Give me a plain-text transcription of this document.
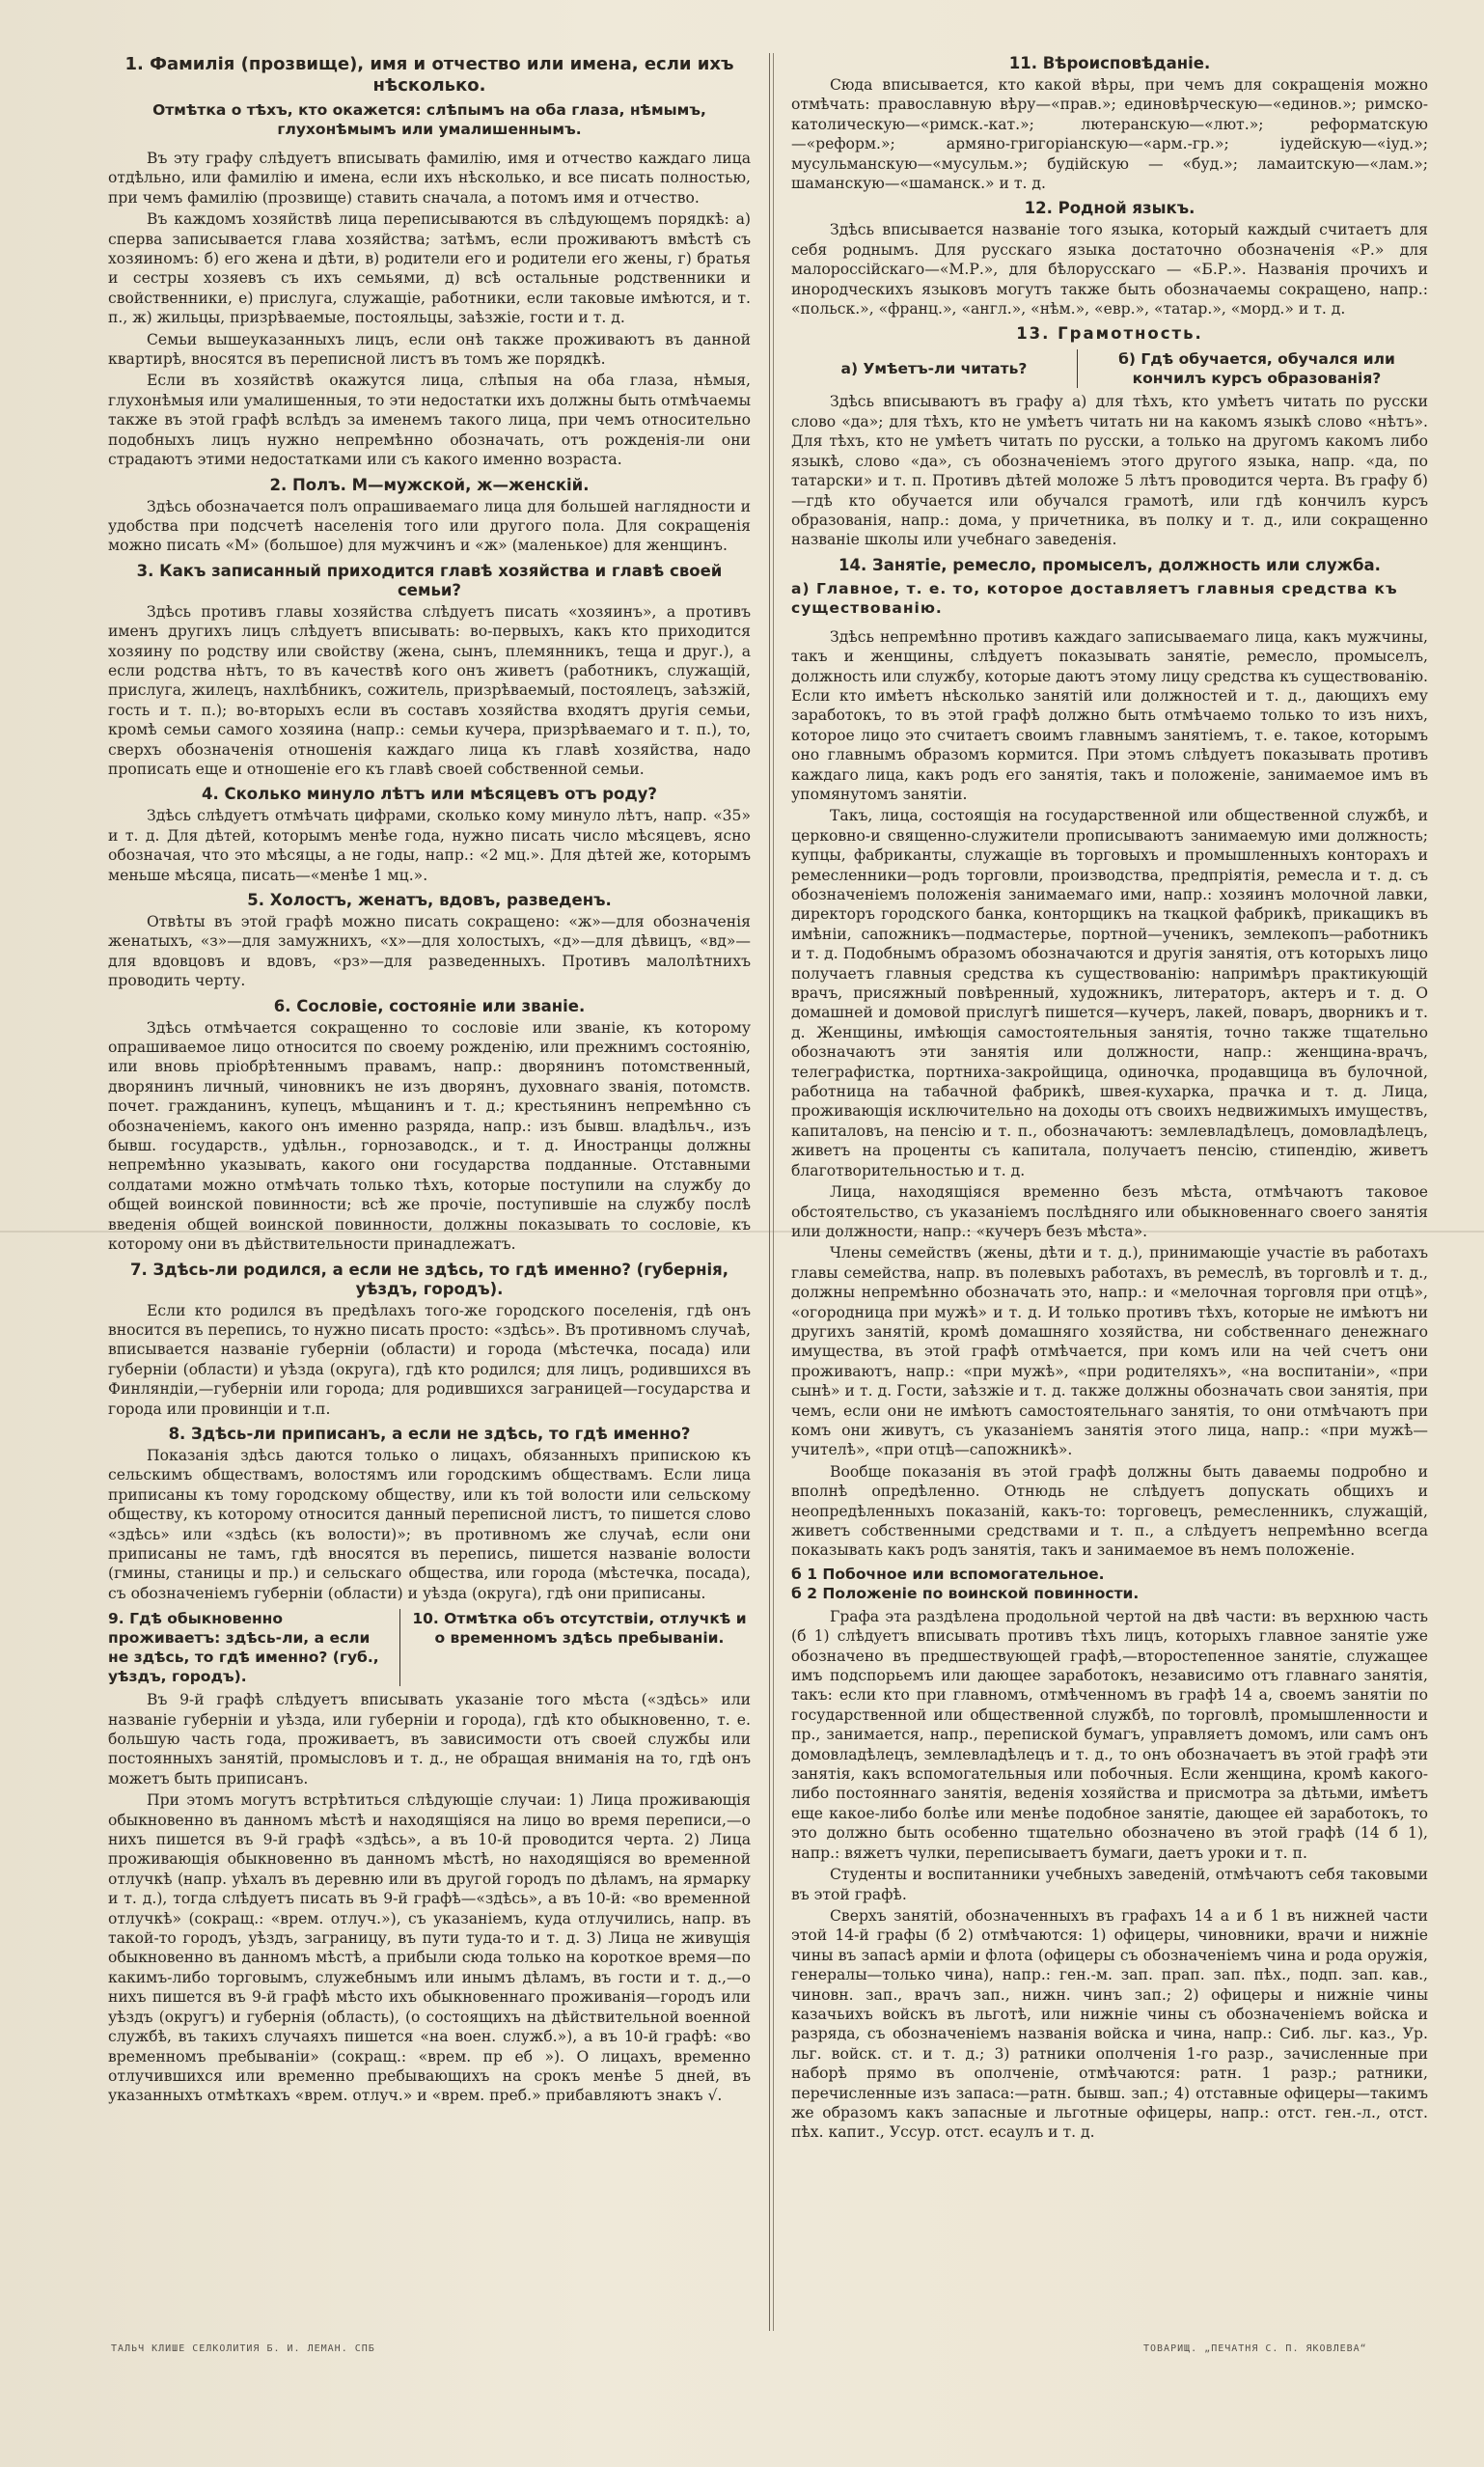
1. Фамилія (прозвище), имя и отчество или имена, если ихъ нѣсколько.
Отмѣтка о тѣхъ, кто окажется: слѣпымъ на оба глаза, нѣмымъ, глухонѣмымъ или умалишеннымъ.

Въ эту графу слѣдуетъ вписывать фамилію, имя и отчество каждаго лица отдѣльно, или фамилію и имена, если ихъ нѣсколько, и все писать полностью, при чемъ фамилію (прозвище) ставить сначала, а потомъ имя и отчество.

Въ каждомъ хозяйствѣ лица переписываются въ слѣдующемъ порядкѣ: а) сперва записывается глава хозяйства; затѣмъ, если проживаютъ вмѣстѣ съ хозяиномъ: б) его жена и дѣти, в) родители его и родители его жены, г) братья и сестры хозяевъ съ ихъ семьями, д) всѣ остальные родственники и свойственники, е) прислуга, служащіе, работники, если таковые имѣются, и т. п., ж) жильцы, призрѣваемые, постояльцы, заѣзжіе, гости и т. д.

Семьи вышеуказанныхъ лицъ, если онѣ также проживаютъ въ данной квартирѣ, вносятся въ переписной листъ въ томъ же порядкѣ.

Если въ хозяйствѣ окажутся лица, слѣпыя на оба глаза, нѣмыя, глухонѣмыя или умалишенныя, то эти недостатки ихъ должны быть отмѣчаемы также въ этой графѣ вслѣдъ за именемъ такого лица, при чемъ относительно подобныхъ лицъ нужно непремѣнно обозначать, отъ рожденія-ли они страдаютъ этими недостатками или съ какого именно возраста.

2. Полъ. М—мужской, ж—женскій.

Здѣсь обозначается полъ опрашиваемаго лица для большей наглядности и удобства при подсчетѣ населенія того или другого пола. Для сокращенія можно писать «М» (большое) для мужчинъ и «ж» (маленькое) для женщинъ.

3. Какъ записанный приходится главѣ хозяйства и главѣ своей семьи?

Здѣсь противъ главы хозяйства слѣдуетъ писать «хозяинъ», а противъ именъ другихъ лицъ слѣдуетъ вписывать: во-первыхъ, какъ кто приходится хозяину по родству или свойству (жена, сынъ, племянникъ, теща и друг.), а если родства нѣтъ, то въ качествѣ кого онъ живетъ (работникъ, служащій, прислуга, жилецъ, нахлѣбникъ, сожитель, призрѣваемый, постоялецъ, заѣзжій, гость и т. п.); во-вторыхъ если въ составъ хозяйства входятъ другія семьи, кромѣ семьи самого хозяина (напр.: семьи кучера, призрѣваемаго и т. п.), то, сверхъ обозначенія отношенія каждаго лица къ главѣ хозяйства, надо прописать еще и отношеніе его къ главѣ своей собственной семьи.

4. Сколько минуло лѣтъ или мѣсяцевъ отъ роду?

Здѣсь слѣдуетъ отмѣчать цифрами, сколько кому минуло лѣтъ, напр. «35» и т. д. Для дѣтей, которымъ менѣе года, нужно писать число мѣсяцевъ, ясно обозначая, что это мѣсяцы, а не годы, напр.: «2 мц.». Для дѣтей же, которымъ меньше мѣсяца, писать—«менѣе 1 мц.».

5. Холостъ, женатъ, вдовъ, разведенъ.

Отвѣты въ этой графѣ можно писать сокращено: «ж»—для обозначенія женатыхъ, «з»—для замужнихъ, «х»—для холостыхъ, «д»—для дѣвицъ, «вд»—для вдовцовъ и вдовъ, «рз»—для разведенныхъ. Противъ малолѣтнихъ проводить черту.

6. Сословіе, состояніе или званіе.

Здѣсь отмѣчается сокращенно то сословіе или званіе, къ которому опрашиваемое лицо относится по своему рожденію, или прежнимъ состоянію, или вновь пріобрѣтеннымъ правамъ, напр.: дворянинъ потомственный, дворянинъ личный, чиновникъ не изъ дворянъ, духовнаго званія, потомств. почет. гражданинъ, купецъ, мѣщанинъ и т. д.; крестьянинъ непремѣнно съ обозначеніемъ, какого онъ именно разряда, напр.: изъ бывш. владѣльч., изъ бывш. государств., удѣльн., горнозаводск., и т. д. Иностранцы должны непремѣнно указывать, какого они государства подданные. Отставными солдатами можно отмѣчать только тѣхъ, которые поступили на службу до общей воинской повинности; всѣ же прочіе, поступившіе на службу послѣ введенія общей воинской повинности, должны показывать то сословіе, къ которому они въ дѣйствительности принадлежатъ.

7. Здѣсь-ли родился, а если не здѣсь, то гдѣ именно? (губернія, уѣздъ, городъ).

Если кто родился въ предѣлахъ того-же городского поселенія, гдѣ онъ вносится въ перепись, то нужно писать просто: «здѣсь». Въ противномъ случаѣ, вписывается названіе губерніи (области) и города (мѣстечка, посада) или губерніи (области) и уѣзда (округа), гдѣ кто родился; для лицъ, родившихся въ Финляндіи,—губерніи или города; для родившихся заграницей—государства и города или провинціи и т.п.

8. Здѣсь-ли приписанъ, а если не здѣсь, то гдѣ именно?

Показанія здѣсь даются только о лицахъ, обязанныхъ припискою къ сельскимъ обществамъ, волостямъ или городскимъ обществамъ. Если лица приписаны къ тому городскому обществу, или къ той волости или сельскому обществу, къ которому относится данный переписной листъ, то пишется слово «здѣсь» или «здѣсь (къ волости)»; въ противномъ же случаѣ, если они приписаны не тамъ, гдѣ вносятся въ перепись, пишется названіе волости (гмины, станицы и пр.) и сельскаго общества, или города (мѣстечка, посада), съ обозначеніемъ губерніи (области) и уѣзда (округа), гдѣ они приписаны.

9. Гдѣ обыкновенно проживаетъ: здѣсь-ли, а если не здѣсь, то гдѣ именно? (губ., уѣздъ, городъ).
10. Отмѣтка объ отсутствіи, отлучкѣ и о временномъ здѣсь пребываніи.

Въ 9-й графѣ слѣдуетъ вписывать указаніе того мѣста («здѣсь» или названіе губерніи и уѣзда, или губерніи и города), гдѣ кто обыкновенно, т. е. большую часть года, проживаетъ, въ зависимости отъ своей службы или постоянныхъ занятій, промысловъ и т. д., не обращая вниманія на то, гдѣ онъ можетъ быть приписанъ.

При этомъ могутъ встрѣтиться слѣдующіе случаи: 1) Лица проживающія обыкновенно въ данномъ мѣстѣ и находящіяся на лицо во время переписи,—о нихъ пишется въ 9-й графѣ «здѣсь», а въ 10-й проводится черта. 2) Лица проживающія обыкновенно въ данномъ мѣстѣ, но находящіяся во временной отлучкѣ (напр. уѣхалъ въ деревню или въ другой городъ по дѣламъ, на ярмарку и т. д.), тогда слѣдуетъ писать въ 9-й графѣ—«здѣсь», а въ 10-й: «во временной отлучкѣ» (сокращ.: «врем. отлуч.»), съ указаніемъ, куда отлучились, напр. въ такой-то городъ, уѣздъ, заграницу, въ пути туда-то и т. д. 3) Лица не живущія обыкновенно въ данномъ мѣстѣ, а прибыли сюда только на короткое время—по какимъ-либо торговымъ, служебнымъ или инымъ дѣламъ, въ гости и т. д.,—о нихъ пишется въ 9-й графѣ мѣсто ихъ обыкновеннаго проживанія—городъ или уѣздъ (округъ) и губернія (область), (о состоящихъ на дѣйствительной военной службѣ, въ такихъ случаяхъ пишется «на воен. служб.»), а въ 10-й графѣ: «во временномъ пребываніи» (сокращ.: «врем. пр еб »). О лицахъ, временно отлучившихся или временно пребывающихъ на срокъ менѣе 5 дней, въ указанныхъ отмѣткахъ «врем. отлуч.» и «врем. преб.» прибавляютъ знакъ √.

11. Вѣроисповѣданіе.

Сюда вписывается, кто какой вѣры, при чемъ для сокращенія можно отмѣчать: православную вѣру—«прав.»; единовѣрческую—«единов.»; римско-католическую—«римск.-кат.»; лютеранскую—«лют.»; реформатскую—«реформ.»; армяно-григоріанскую—«арм.-гр.»; іудейскую—«іуд.»; мусульманскую—«мусульм.»; будійскую — «буд.»; ламаитскую—«лам.»; шаманскую—«шаманск.» и т. д.

12. Родной языкъ.

Здѣсь вписывается названіе того языка, который каждый считаетъ для себя роднымъ. Для русскаго языка достаточно обозначенія «Р.» для малороссійскаго—«М.Р.», для бѣлорусскаго — «Б.Р.». Названія прочихъ и инородческихъ языковъ могутъ также быть обозначаемы сокращено, напр.: «польск.», «франц.», «англ.», «нѣм.», «евр.», «татар.», «морд.» и т. д.

13. Грамотность.
а) Умѣетъ-ли читать?
б) Гдѣ обучается, обучался или кончилъ курсъ образованія?

Здѣсь вписываютъ въ графу а) для тѣхъ, кто умѣетъ читать по русски слово «да»; для тѣхъ, кто не умѣетъ читать ни на какомъ языкѣ слово «нѣтъ». Для тѣхъ, кто не умѣетъ читать по русски, а только на другомъ какомъ либо языкѣ, слово «да», съ обозначеніемъ этого другого языка, напр. «да, по татарски» и т. п. Противъ дѣтей моложе 5 лѣтъ проводится черта. Въ графу б)—гдѣ кто обучается или обучался грамотѣ, или гдѣ кончилъ курсъ образованія, напр.: дома, у причетника, въ полку и т. д., или сокращенно названіе школы или учебнаго заведенія.

14. Занятіе, ремесло, промыселъ, должность или служба.
а) Главное, т. е. то, которое доставляетъ главныя средства къ существованію.

Здѣсь непремѣнно противъ каждаго записываемаго лица, какъ мужчины, такъ и женщины, слѣдуетъ показывать занятіе, ремесло, промыселъ, должность или службу, которые даютъ этому лицу средства къ существованію. Если кто имѣетъ нѣсколько занятій или должностей и т. д., дающихъ ему заработокъ, то въ этой графѣ должно быть отмѣчаемо только то изъ нихъ, которое лицо это считаетъ своимъ главнымъ занятіемъ, т. е. такое, которымъ оно главнымъ образомъ кормится. При этомъ слѣдуетъ показывать противъ каждаго лица, какъ родъ его занятія, такъ и положеніе, занимаемое имъ въ упомянутомъ занятіи.

Такъ, лица, состоящія на государственной или общественной службѣ, и церковно-и священно-служители прописываютъ занимаемую ими должность; купцы, фабриканты, служащіе въ торговыхъ и промышленныхъ конторахъ и ремесленники—родъ торговли, производства, предпріятія, ремесла и т. д. съ обозначеніемъ положенія занимаемаго ими, напр.: хозяинъ молочной лавки, директоръ городского банка, конторщикъ на ткацкой фабрикѣ, прикащикъ въ имѣніи, сапожникъ—подмастерье, портной—ученикъ, землекопъ—работникъ и т. д. Подобнымъ образомъ обозначаются и другія занятія, отъ которыхъ лицо получаетъ главныя средства къ существованію: напримѣръ практикующій врачъ, присяжный повѣренный, художникъ, литераторъ, актеръ и т. д. О домашней и домовой прислугѣ пишется—кучеръ, лакей, поваръ, дворникъ и т. д. Женщины, имѣющія самостоятельныя занятія, точно также тщательно обозначаютъ эти занятія или должности, напр.: женщина-врачъ, телеграфистка, портниха-закройщица, одиночка, продавщица въ булочной, работница на табачной фабрикѣ, швея-кухарка, прачка и т. д. Лица, проживающія исключительно на доходы отъ своихъ недвижимыхъ имуществъ, капиталовъ, на пенсію и т. п., обозначаютъ: землевладѣлецъ, домовладѣлецъ, живетъ на проценты съ капитала, получаетъ пенсію, стипендію, живетъ благотворительностью и т. д.

Лица, находящіяся временно безъ мѣста, отмѣчаютъ таковое обстоятельство, съ указаніемъ послѣдняго или обыкновеннаго своего занятія или должности, напр.: «кучеръ безъ мѣста».

Члены семействъ (жены, дѣти и т. д.), принимающіе участіе въ работахъ главы семейства, напр. въ полевыхъ работахъ, въ ремеслѣ, въ торговлѣ и т. д., должны непремѣнно обозначать это, напр.: и «мелочная торговля при отцѣ», «огородница при мужѣ» и т. д. И только противъ тѣхъ, которые не имѣютъ ни другихъ занятій, кромѣ домашняго хозяйства, ни собственнаго денежнаго имущества, въ этой графѣ отмѣчается, при комъ или на чей счетъ они проживаютъ, напр.: «при мужѣ», «при родителяхъ», «на воспитаніи», «при сынѣ» и т. д. Гости, заѣзжіе и т. д. также должны обозначать свои занятія, при чемъ, если они не имѣютъ самостоятельнаго занятія, то они отмѣчаютъ при комъ они живутъ, съ указаніемъ занятія этого лица, напр.: «при мужѣ—учителѣ», «при отцѣ—сапожникѣ».

Вообще показанія въ этой графѣ должны быть даваемы подробно и вполнѣ опредѣленно. Отнюдь не слѣдуетъ допускать общихъ и неопредѣленныхъ показаній, какъ-то: торговецъ, ремесленникъ, служащій, живетъ собственными средствами и т. п., а слѣдуетъ непремѣнно всегда показывать какъ родъ занятія, такъ и занимаемое въ немъ положеніе.

б 1 Побочное или вспомогательное.
б 2 Положеніе по воинской повинности.

Графа эта раздѣлена продольной чертой на двѣ части: въ верхнюю часть (б 1) слѣдуетъ вписывать противъ тѣхъ лицъ, которыхъ главное занятіе уже обозначено въ предшествующей графѣ,—второстепенное занятіе, служащее имъ подспорьемъ или дающее заработокъ, независимо отъ главнаго занятія, такъ: если кто при главномъ, отмѣченномъ въ графѣ 14 а, своемъ занятіи по государственной или общественной службѣ, по торговлѣ, промышленности и пр., занимается, напр., перепиской бумагъ, управляетъ домомъ, или самъ онъ домовладѣлецъ, землевладѣлецъ и т. д., то онъ обозначаетъ въ этой графѣ эти занятія, какъ вспомогательныя или побочныя. Если женщина, кромѣ какого-либо постояннаго занятія, веденія хозяйства и присмотра за дѣтьми, имѣетъ еще какое-либо болѣе или менѣе подобное занятіе, дающее ей заработокъ, то это должно быть особенно тщательно обозначено въ этой графѣ (14 б 1), напр.: вяжетъ чулки, переписываетъ бумаги, даетъ уроки и т. п.

Студенты и воспитанники учебныхъ заведеній, отмѣчаютъ себя таковыми въ этой графѣ.

Сверхъ занятій, обозначенныхъ въ графахъ 14 а и б 1 въ нижней части этой 14-й графы (б 2) отмѣчаются: 1) офицеры, чиновники, врачи и нижніе чины въ запасѣ арміи и флота (офицеры съ обозначеніемъ чина и рода оружія, генералы—только чина), напр.: ген.-м. зап. прап. зап. пѣх., подп. зап. кав., чиновн. зап., врачъ зап., нижн. чинъ зап.; 2) офицеры и нижніе чины казачьихъ войскъ въ льготѣ, или нижніе чины съ обозначеніемъ войска и разряда, съ обозначеніемъ названія войска и чина, напр.: Сиб. льг. каз., Ур. льг. войск. ст. и т. д.; 3) ратники ополченія 1-го разр., зачисленные при наборѣ прямо въ ополченіе, отмѣчаются: ратн. 1 разр.; ратники, перечисленные изъ запаса:—ратн. бывш. зап.; 4) отставные офицеры—такимъ же образомъ какъ запасные и льготные офицеры, напр.: отст. ген.-л., отст. пѣх. капит., Уссур. отст. есаулъ и т. д.

ТАЛЬЧ КЛИШЕ СЕЛКОЛИТИЯ Б. И. ЛЕМАН. СПБ	ТОВАРИЩ. „ПЕЧАТНЯ С. П. ЯКОВЛЕВА“
